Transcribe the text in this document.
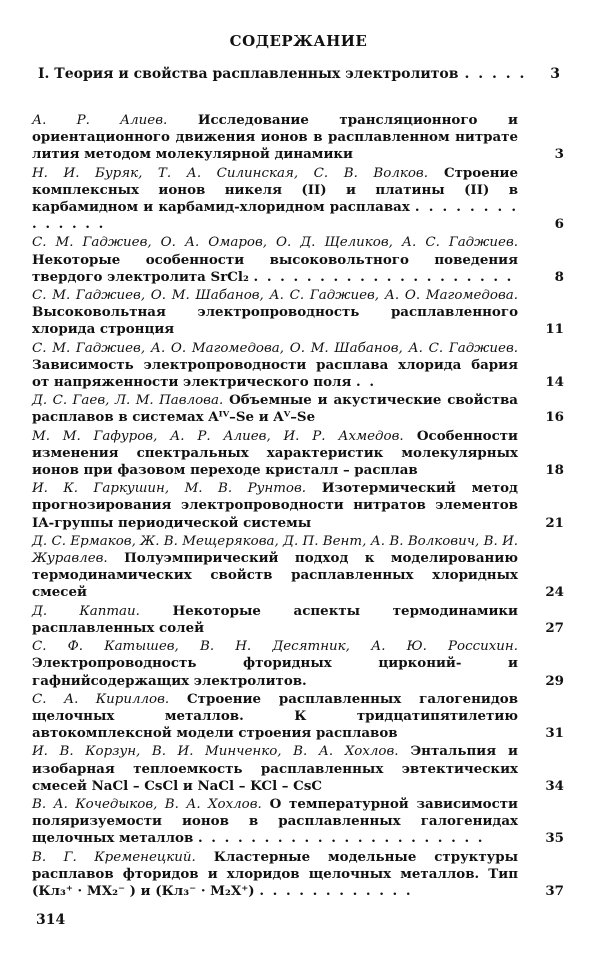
СОДЕРЖАНИЕ
I. Теория и свойства расплавленных электролитов . . . . .	3
А. Р. Алиев. Исследование трансляционного и ориентационного движения ионов в расплавленном нитрате лития методом молекулярной динамики	3
Н. И. Буряк, Т. А. Силинская, С. В. Волков. Строение комплексных ионов никеля (II) и платины (II) в карбамидном и карбамид-хлоридном расплавах . . . . . . . . . . . . . .	6
С. М. Гаджиев, О. А. Омаров, О. Д. Щеликов, А. С. Гаджиев. Некоторые особенности высоковольтного поведения твердого электролита SrCl₂ . . . . . . . . . . . . . . . . . . . .	8
С. М. Гаджиев, О. М. Шабанов, А. С. Гаджиев, А. О. Магомедова. Высоковольтная электропроводность расплавленного хлорида стронция	11
С. М. Гаджиев, А. О. Магомедова, О. М. Шабанов, А. С. Гаджиев. Зависимость электропроводности расплава хлорида бария от напряженности электрического поля . .	14
Д. С. Гаев, Л. М. Павлова. Объемные и акустические свойства расплавов в системах Aᴵⱽ–Se и Aⱽ–Se	16
М. М. Гафуров, А. Р. Алиев, И. Р. Ахмедов. Особенности изменения спектральных характеристик молекулярных ионов при фазовом переходе кристалл – расплав	18
И. К. Гаркушин, М. В. Рунтов. Изотермический метод прогнозирования электропроводности нитратов элементов IA-группы периодической системы	21
Д. С. Ермаков, Ж. В. Мещерякова, Д. П. Вент, А. В. Волкович, В. И. Журавлев. Полуэмпирический подход к моделированию термодинамических свойств расплавленных хлоридных смесей	24
Д. Каптаи. Некоторые аспекты термодинамики расплавленных солей	27
С. Ф. Катышев, В. Н. Десятник, А. Ю. Россихин. Электропроводность фторидных цирконий- и гафнийсодержащих электролитов.	29
С. А. Кириллов. Строение расплавленных галогенидов щелочных металлов. К тридцатипятилетию автокомплексной модели строения расплавов	31
И. В. Корзун, В. И. Минченко, В. А. Хохлов. Энтальпия и изобарная теплоемкость расплавленных эвтектических смесей NaCl – CsCl и NaCl – KCl – CsC	34
В. А. Кочедыков, В. А. Хохлов. О температурной зависимости поляризуемости ионов в расплавленных галогенидах щелочных металлов . . . . . . . . . . . . . . . . . . . . . .	35
В. Г. Кременецкий. Кластерные модельные структуры расплавов фторидов и хлоридов щелочных металлов. Тип (Кл₃⁺ · MX₂⁻ ) и (Кл₃⁻ · M₂X⁺) . . . . . . . . . . . .	37
314
